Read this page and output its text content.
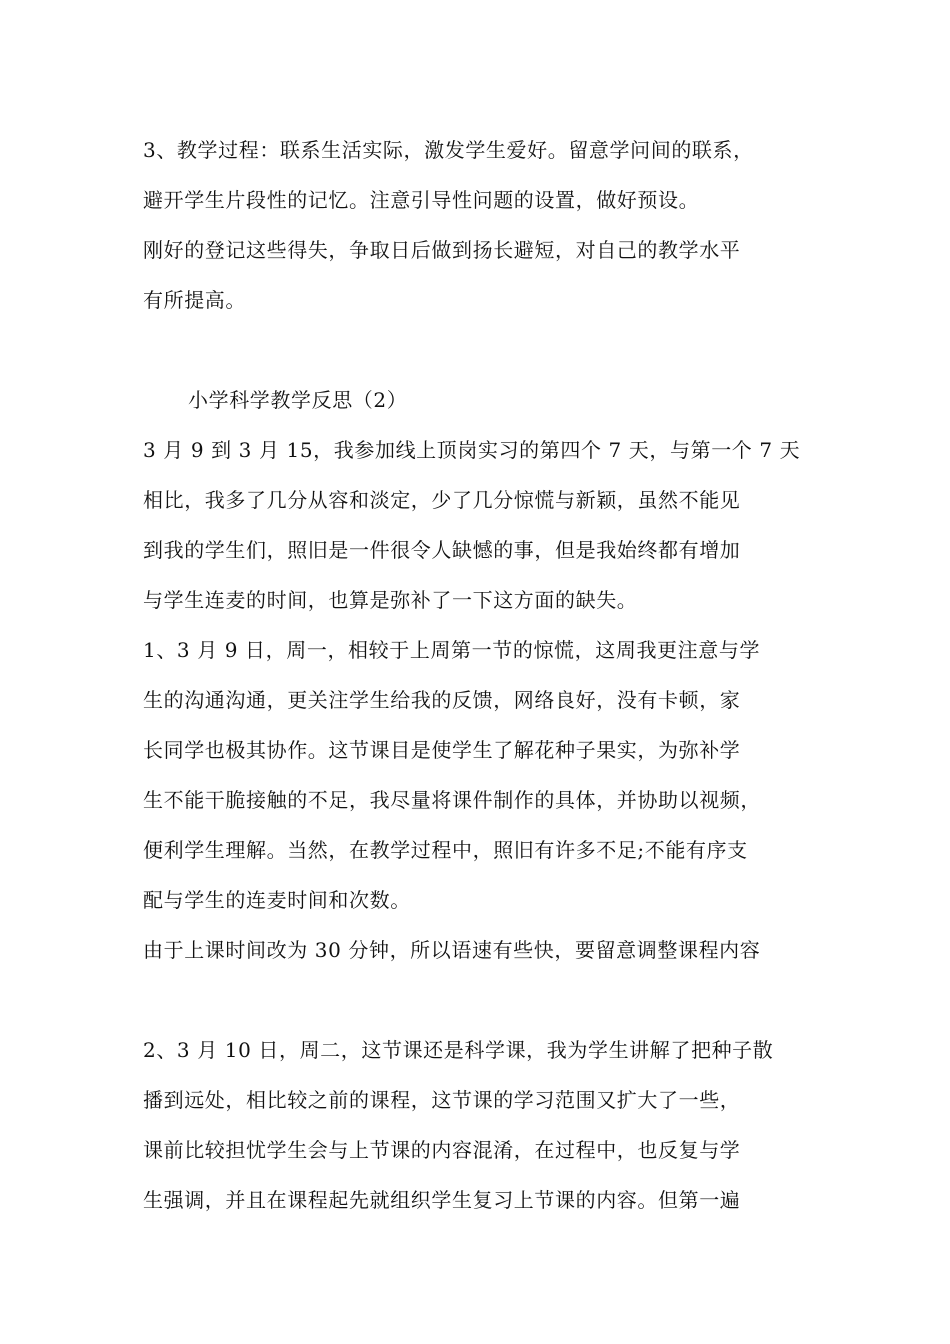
3、教学过程：联系生活实际，激发学生爱好。留意学问间的联系，
避开学生片段性的记忆。注意引导性问题的设置，做好预设。
刚好的登记这些得失，争取日后做到扬长避短，对自己的教学水平
有所提高。
小学科学教学反思（2）
3 月 9 到 3 月 15，我参加线上顶岗实习的第四个 7 天，与第一个 7 天
相比，我多了几分从容和淡定，少了几分惊慌与新颖，虽然不能见
到我的学生们，照旧是一件很令人缺憾的事，但是我始终都有增加
与学生连麦的时间，也算是弥补了一下这方面的缺失。
1、3 月 9 日，周一，相较于上周第一节的惊慌，这周我更注意与学
生的沟通沟通，更关注学生给我的反馈，网络良好，没有卡顿，家
长同学也极其协作。这节课目是使学生了解花种子果实，为弥补学
生不能干脆接触的不足，我尽量将课件制作的具体，并协助以视频，
便利学生理解。当然，在教学过程中，照旧有许多不足;不能有序支
配与学生的连麦时间和次数。
由于上课时间改为 30 分钟，所以语速有些快，要留意调整课程内容
2、3 月 10 日，周二，这节课还是科学课，我为学生讲解了把种子散
播到远处，相比较之前的课程，这节课的学习范围又扩大了一些，
课前比较担忧学生会与上节课的内容混淆，在过程中，也反复与学
生强调，并且在课程起先就组织学生复习上节课的内容。但第一遍
